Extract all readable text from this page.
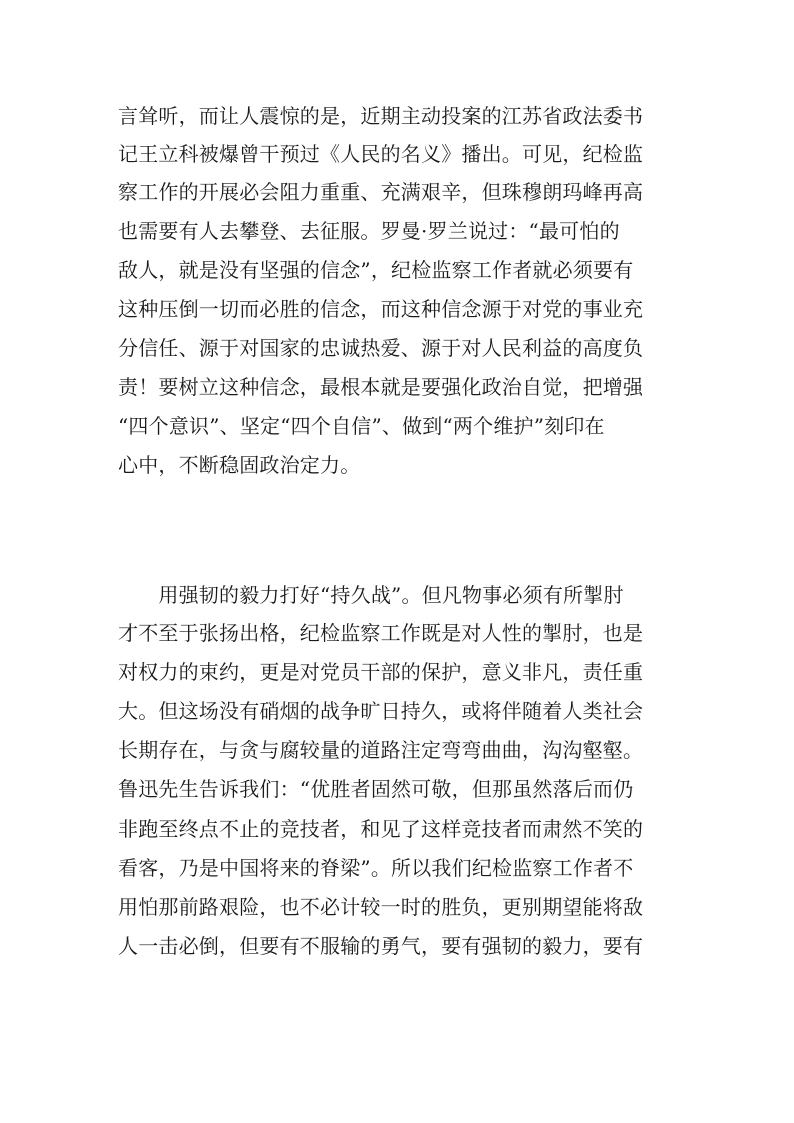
言耸听，而让人震惊的是，近期主动投案的江苏省政法委书
记王立科被爆曾干预过《人民的名义》播出。可见，纪检监
察工作的开展必会阻力重重、充满艰辛，但珠穆朗玛峰再高
也需要有人去攀登、去征服。罗曼·罗兰说过：“最可怕的
敌人，就是没有坚强的信念”，纪检监察工作者就必须要有
这种压倒一切而必胜的信念，而这种信念源于对党的事业充
分信任、源于对国家的忠诚热爱、源于对人民利益的高度负
责！要树立这种信念，最根本就是要强化政治自觉，把增强
“四个意识”、坚定“四个自信”、做到“两个维护”刻印在
心中，不断稳固政治定力。
　　用强韧的毅力打好“持久战”。但凡物事必须有所掣肘
才不至于张扬出格，纪检监察工作既是对人性的掣肘，也是
对权力的束约，更是对党员干部的保护，意义非凡，责任重
大。但这场没有硝烟的战争旷日持久，或将伴随着人类社会
长期存在，与贪与腐较量的道路注定弯弯曲曲，沟沟壑壑。
鲁迅先生告诉我们：“优胜者固然可敬，但那虽然落后而仍
非跑至终点不止的竞技者，和见了这样竞技者而肃然不笑的
看客，乃是中国将来的脊梁”。所以我们纪检监察工作者不
用怕那前路艰险，也不必计较一时的胜负，更别期望能将敌
人一击必倒，但要有不服输的勇气，要有强韧的毅力，要有
